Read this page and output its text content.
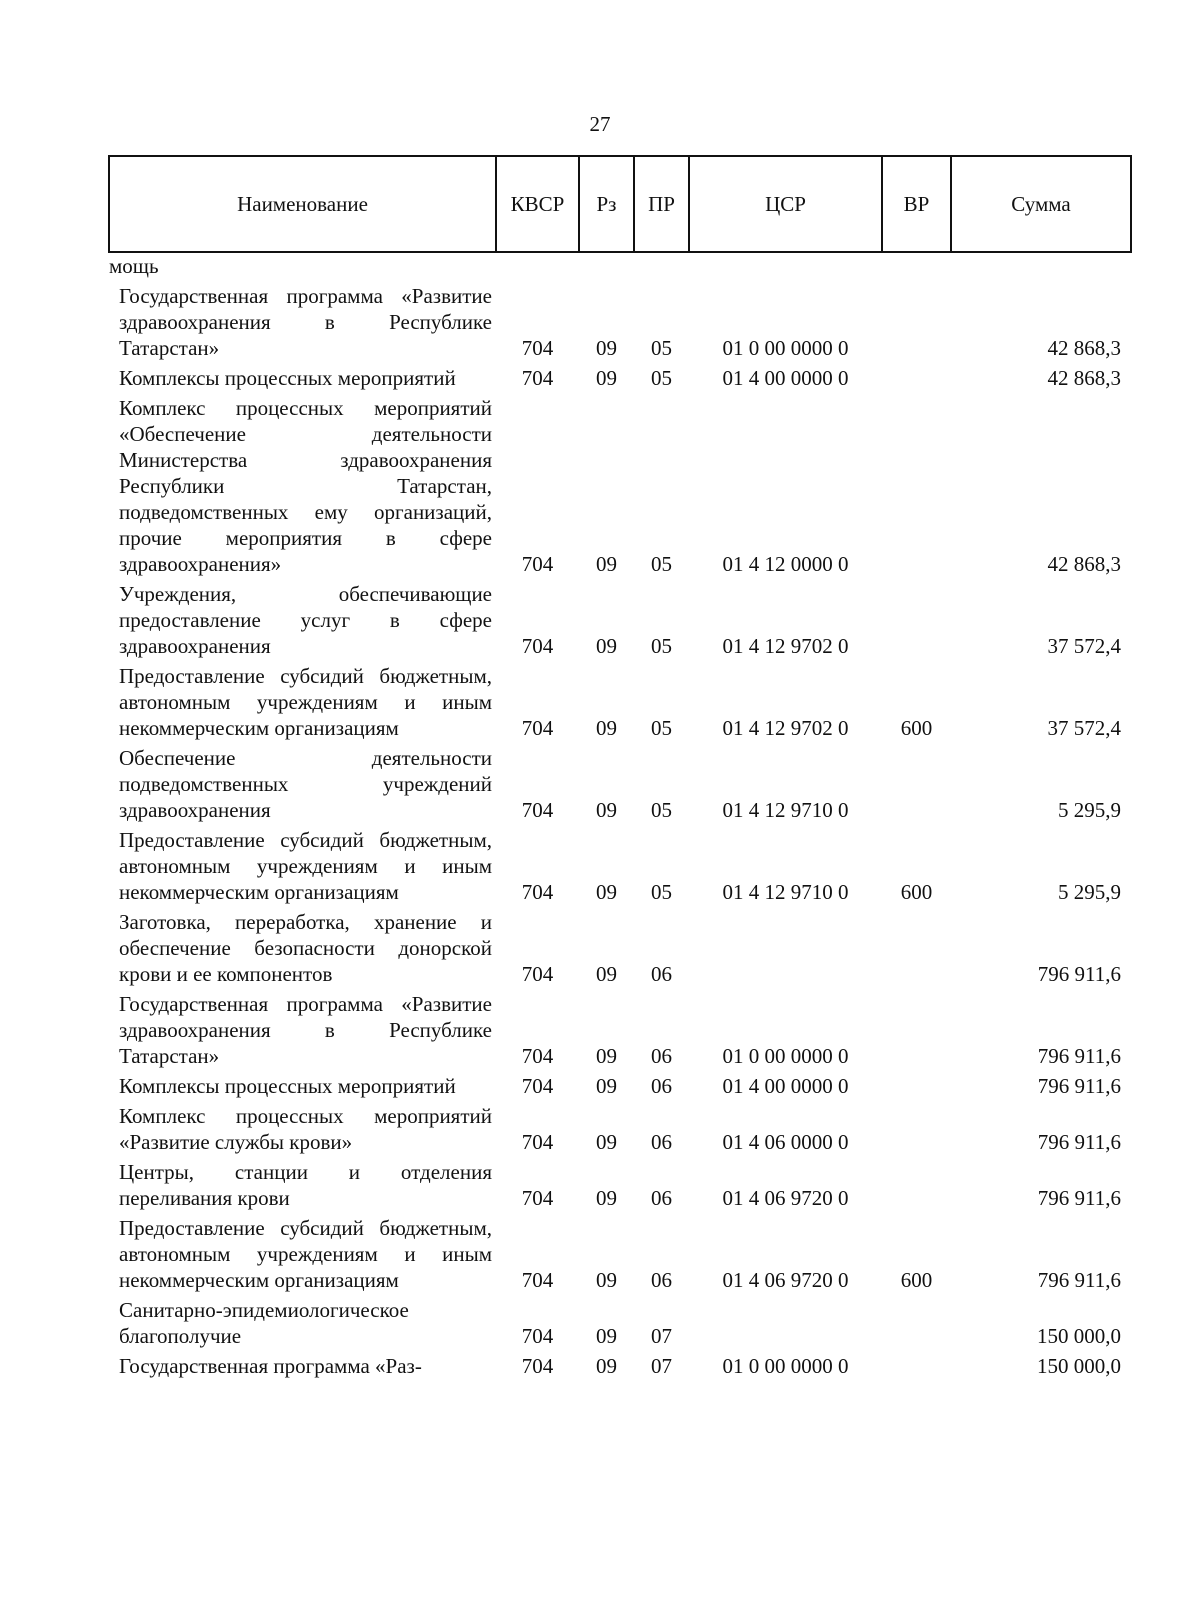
27
Наименование	КВСР	Рз	ПР	ЦСР	ВР	Сумма
мощь						
Государственная программа «Развитие здравоохранения в Республике Татарстан»	704	09	05	01 0 00 0000 0		42 868,3
Комплексы процессных мероприятий	704	09	05	01 4 00 0000 0		42 868,3
Комплекс процессных мероприятий «Обеспечение деятельности Министерства здравоохранения Республики Татарстан, подведомственных ему организаций, прочие мероприятия в сфере здравоохранения»	704	09	05	01 4 12 0000 0		42 868,3
Учреждения, обеспечивающие предоставление услуг в сфере здравоохранения	704	09	05	01 4 12 9702 0		37 572,4
Предоставление субсидий бюджетным, автономным учреждениям и иным некоммерческим организациям	704	09	05	01 4 12 9702 0	600	37 572,4
Обеспечение деятельности подведомственных учреждений здравоохранения	704	09	05	01 4 12 9710 0		5 295,9
Предоставление субсидий бюджетным, автономным учреждениям и иным некоммерческим организациям	704	09	05	01 4 12 9710 0	600	5 295,9
Заготовка, переработка, хранение и обеспечение безопасности донорской крови и ее компонентов	704	09	06			796 911,6
Государственная программа «Развитие здравоохранения в Республике Татарстан»	704	09	06	01 0 00 0000 0		796 911,6
Комплексы процессных мероприятий	704	09	06	01 4 00 0000 0		796 911,6
Комплекс процессных мероприятий «Развитие службы крови»	704	09	06	01 4 06 0000 0		796 911,6
Центры, станции и отделения переливания крови	704	09	06	01 4 06 9720 0		796 911,6
Предоставление субсидий бюджетным, автономным учреждениям и иным некоммерческим организациям	704	09	06	01 4 06 9720 0	600	796 911,6
Санитарно-эпидемиологическое благополучие	704	09	07			150 000,0
Государственная программа «Раз-	704	09	07	01 0 00 0000 0		150 000,0
